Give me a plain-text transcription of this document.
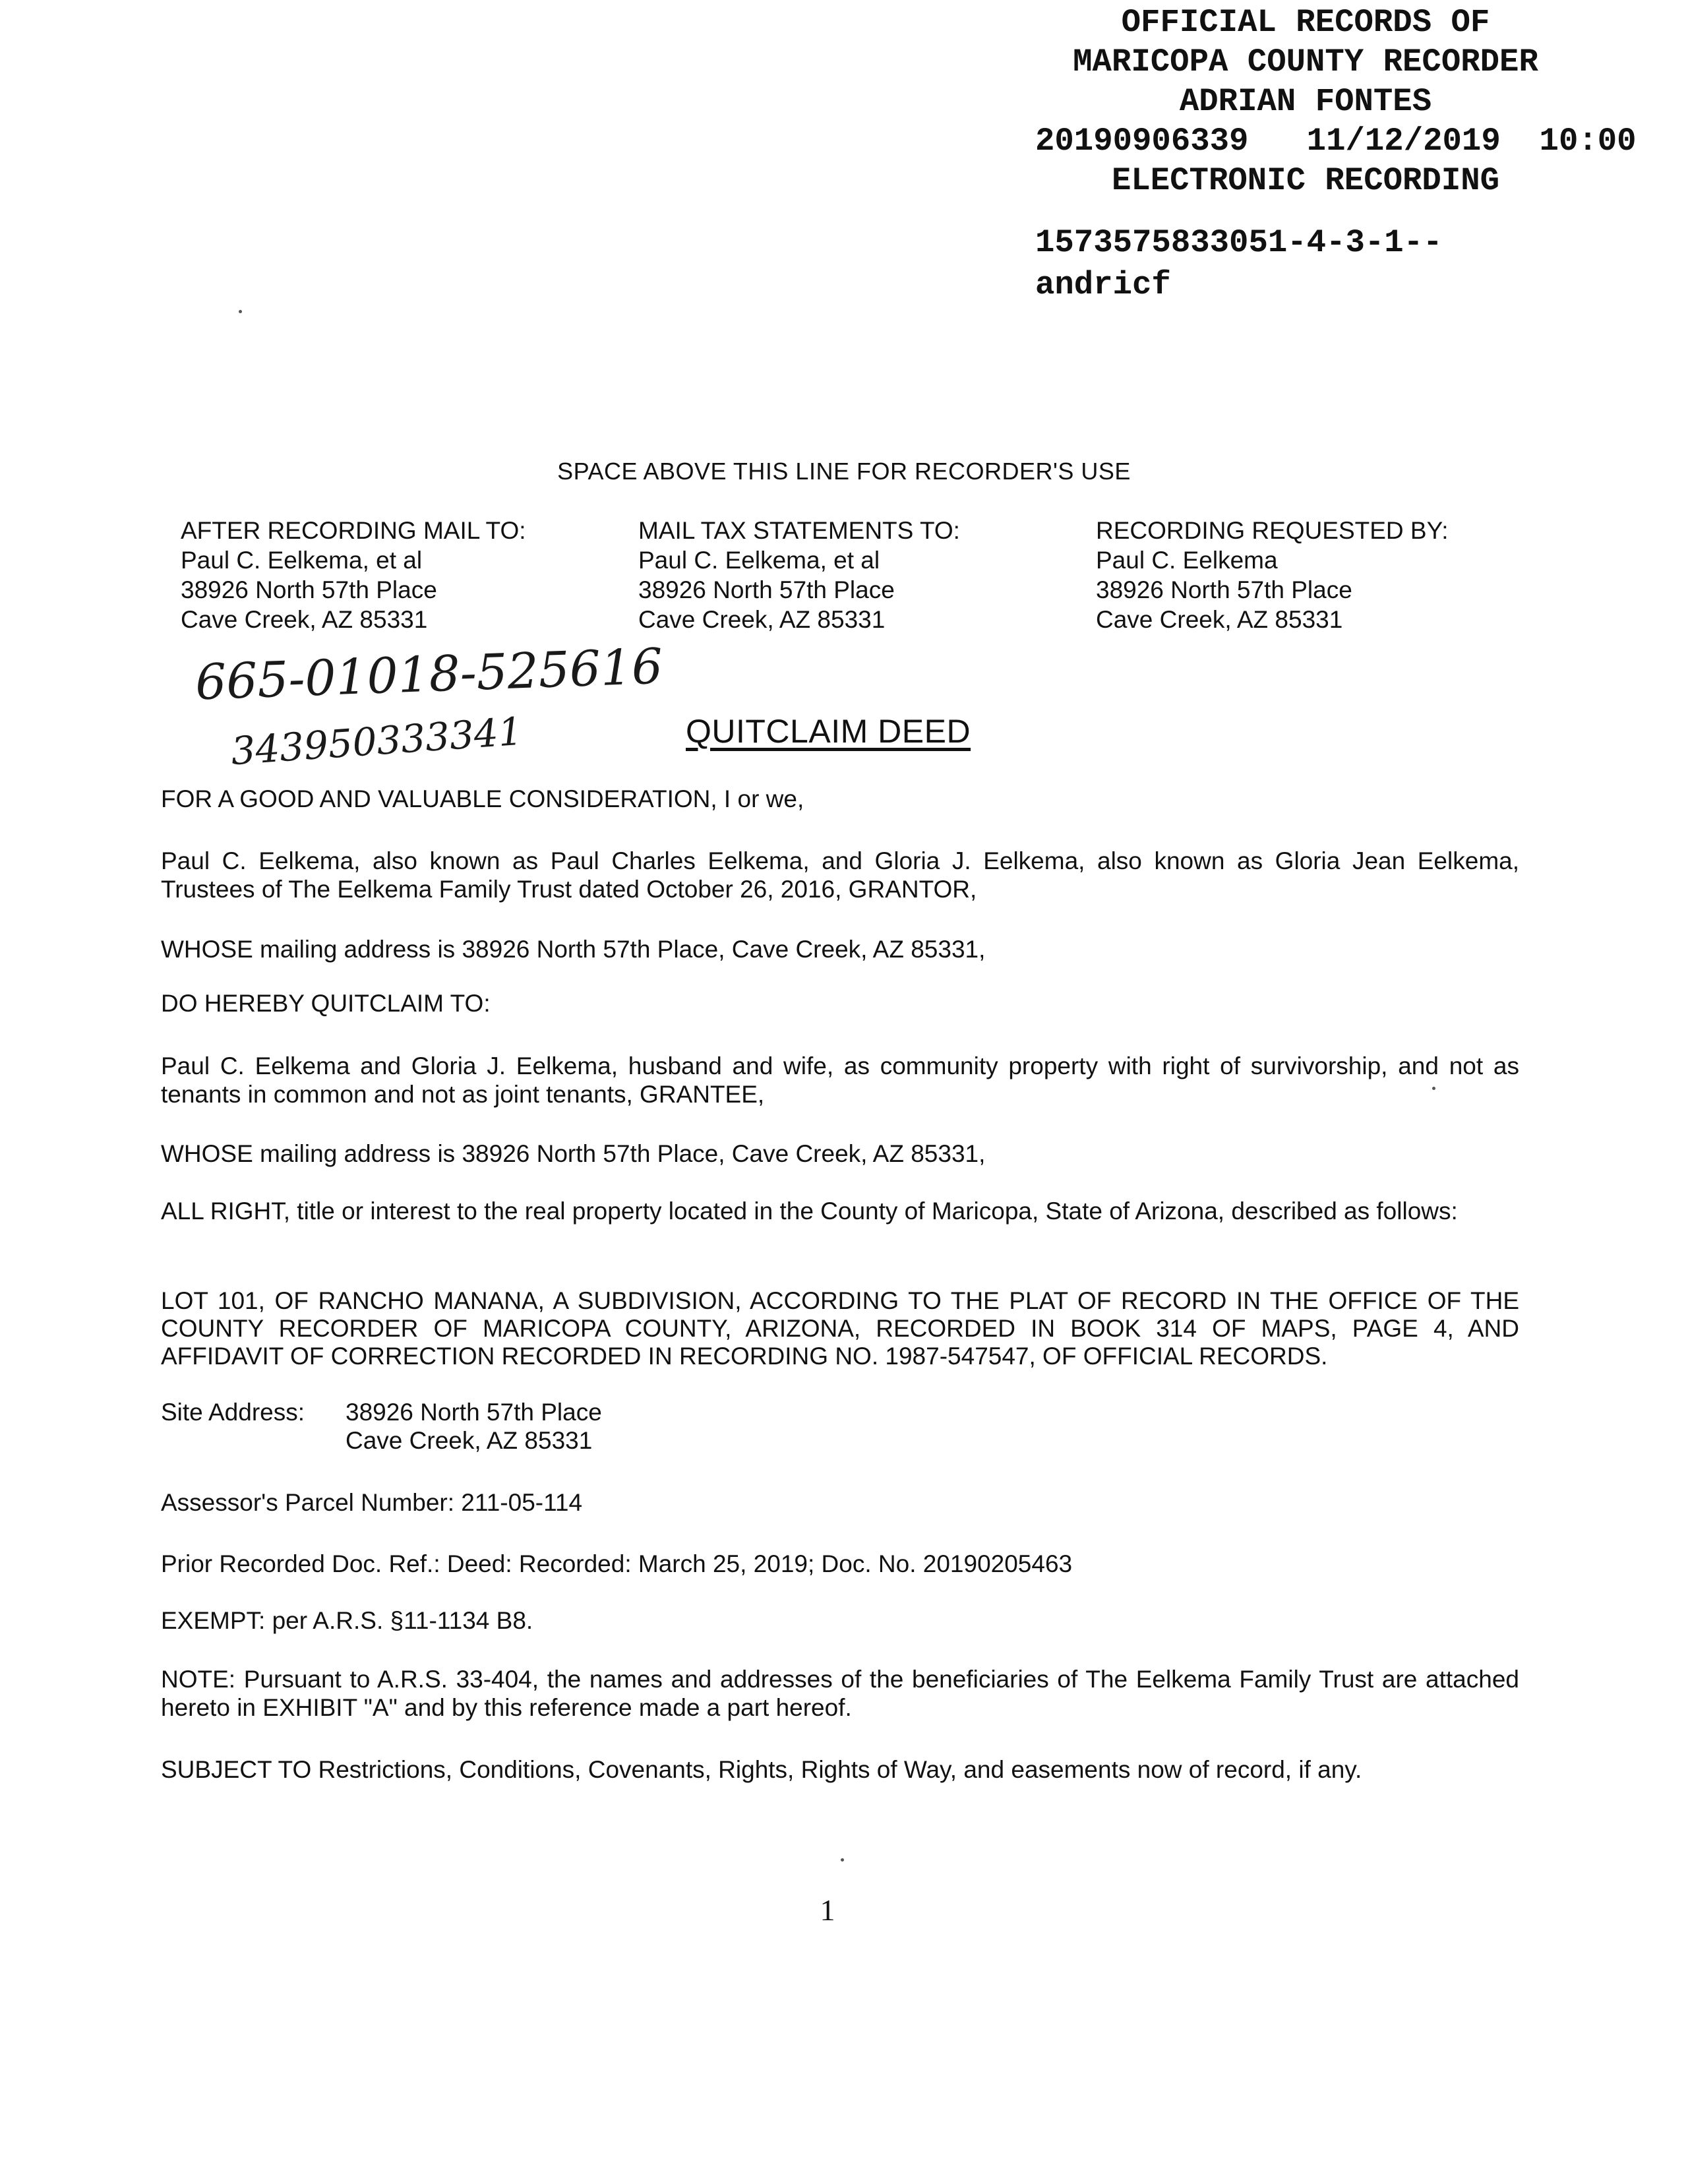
OFFICIAL RECORDS OF
MARICOPA COUNTY RECORDER
ADRIAN FONTES
20190906339 11/12/2019 10:00
ELECTRONIC RECORDING
1573575833051-4-3-1--
andricf
SPACE ABOVE THIS LINE FOR RECORDER'S USE
AFTER RECORDING MAIL TO:
Paul C. Eelkema, et al
38926 North 57th Place
Cave Creek, AZ 85331
MAIL TAX STATEMENTS TO:
Paul C. Eelkema, et al
38926 North 57th Place
Cave Creek, AZ 85331
RECORDING REQUESTED BY:
Paul C. Eelkema
38926 North 57th Place
Cave Creek, AZ 85331
665-01018-525616
343950333341	QUITCLAIM DEED
FOR A GOOD AND VALUABLE CONSIDERATION, I or we,
Paul C. Eelkema, also known as Paul Charles Eelkema, and Gloria J. Eelkema, also known as Gloria Jean Eelkema, Trustees of The Eelkema Family Trust dated October 26, 2016, GRANTOR,
WHOSE mailing address is 38926 North 57th Place, Cave Creek, AZ 85331,
DO HEREBY QUITCLAIM TO:
Paul C. Eelkema and Gloria J. Eelkema, husband and wife, as community property with right of survivorship, and not as tenants in common and not as joint tenants, GRANTEE,
WHOSE mailing address is 38926 North 57th Place, Cave Creek, AZ 85331,
ALL RIGHT, title or interest to the real property located in the County of Maricopa, State of Arizona, described as follows:
LOT 101, OF RANCHO MANANA, A SUBDIVISION, ACCORDING TO THE PLAT OF RECORD IN THE OFFICE OF THE COUNTY RECORDER OF MARICOPA COUNTY, ARIZONA, RECORDED IN BOOK 314 OF MAPS, PAGE 4, AND AFFIDAVIT OF CORRECTION RECORDED IN RECORDING NO. 1987-547547, OF OFFICIAL RECORDS.
Site Address: 38926 North 57th Place
Cave Creek, AZ 85331
Assessor's Parcel Number: 211-05-114
Prior Recorded Doc. Ref.: Deed: Recorded: March 25, 2019; Doc. No. 20190205463
EXEMPT: per A.R.S. §11-1134 B8.
NOTE: Pursuant to A.R.S. 33-404, the names and addresses of the beneficiaries of The Eelkema Family Trust are attached hereto in EXHIBIT "A" and by this reference made a part hereof.
SUBJECT TO Restrictions, Conditions, Covenants, Rights, Rights of Way, and easements now of record, if any.
1
